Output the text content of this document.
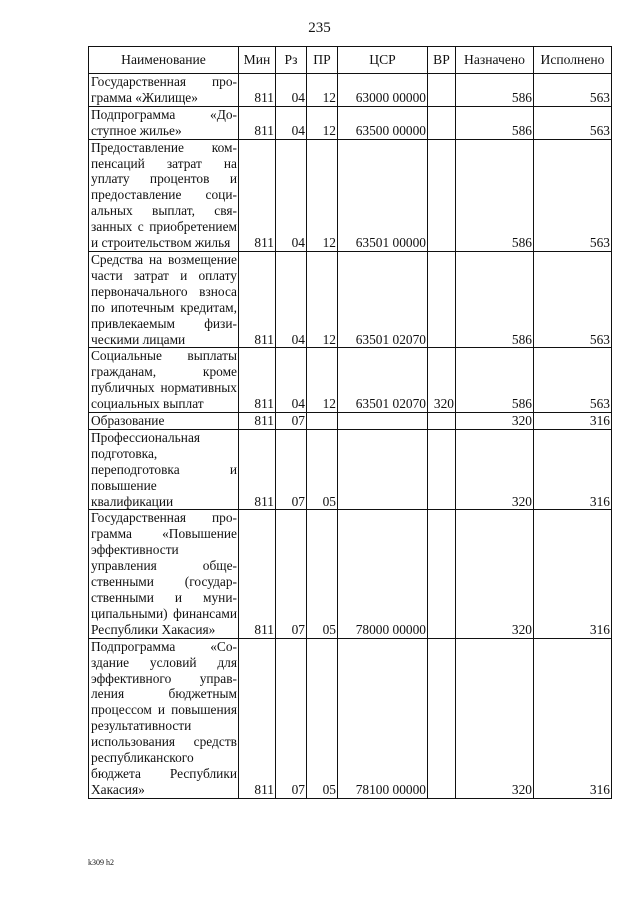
235
Наименование	Мин	Рз	ПР	ЦСР	ВР	Назначено	Исполнено
Государственная программа «Жилище»	811	04	12	63000 00000		586	563
Подпрограмма «Доступное жилье»	811	04	12	63500 00000		586	563
Предоставление компенсаций затрат на уплату процентов и предоставление социальных выплат, связанных с приобретением и строительством жилья	811	04	12	63501 00000		586	563
Средства на возмещение части затрат и оплату первоначального взноса по ипотечным кредитам, привлекаемым физическими лицами	811	04	12	63501 02070		586	563
Социальные выплаты гражданам, кроме публичных нормативных социальных выплат	811	04	12	63501 02070	320	586	563
Образование	811	07				320	316
Профессиональная подготовка, переподготовка и повышение квалификации	811	07	05			320	316
Государственная программа «Повышение эффективности управления общественными (государственными и муниципальными) финансами Республики Хакасия»	811	07	05	78000 00000		320	316
Подпрограмма «Создание условий для эффективного управления бюджетным процессом и повышения результативности использования средств республиканского бюджета Республики Хакасия»	811	07	05	78100 00000		320	316
k309 h2
